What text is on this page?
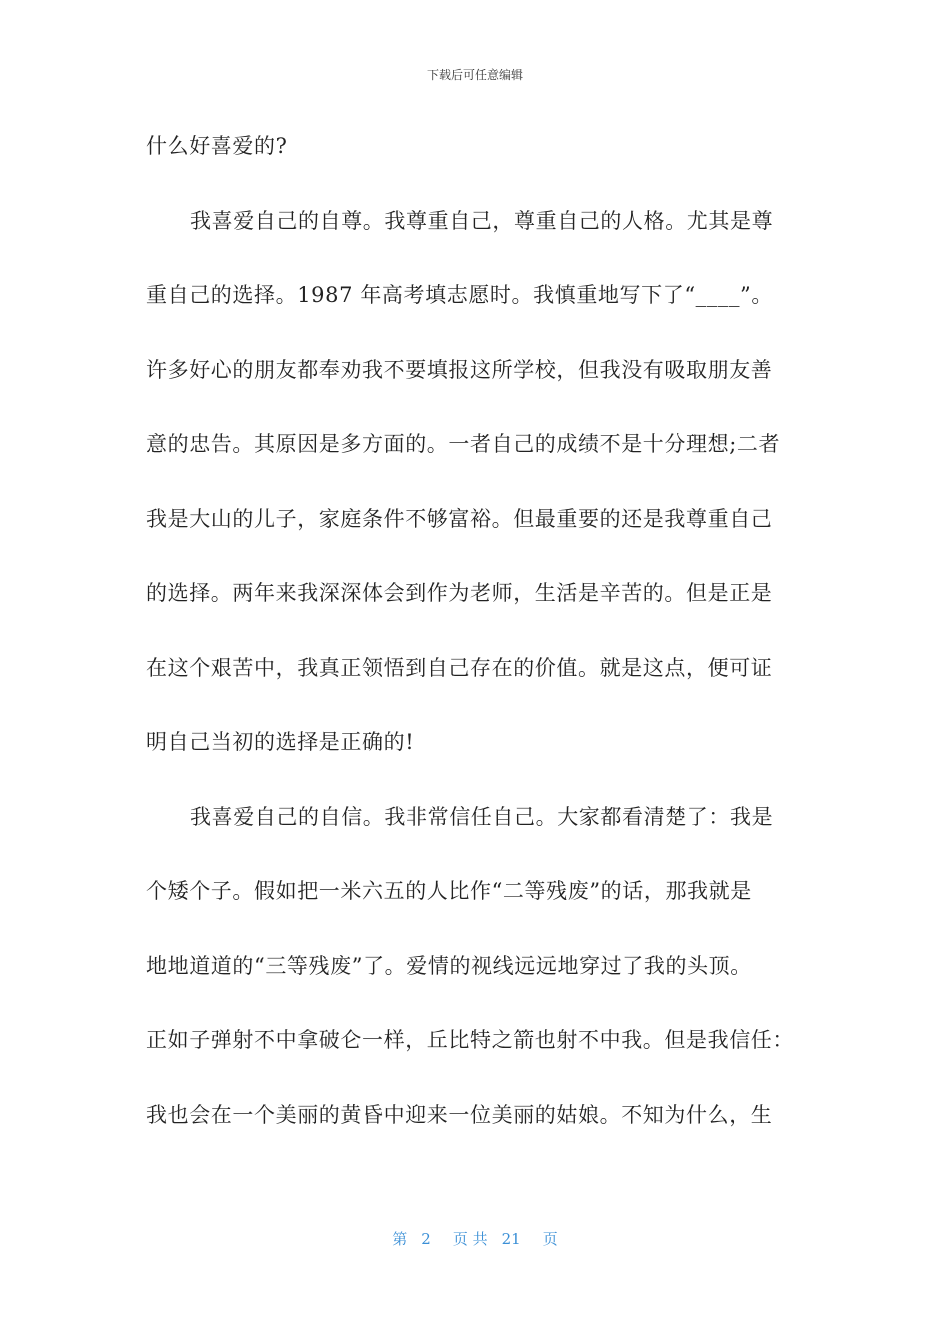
下载后可任意编辑
什么好喜爱的?
我喜爱自己的自尊。我尊重自己，尊重自己的人格。尤其是尊
重自己的选择。1987 年高考填志愿时。我慎重地写下了“____”。
许多好心的朋友都奉劝我不要填报这所学校，但我没有吸取朋友善
意的忠告。其原因是多方面的。一者自己的成绩不是十分理想;二者
我是大山的儿子，家庭条件不够富裕。但最重要的还是我尊重自己
的选择。两年来我深深体会到作为老师，生活是辛苦的。但是正是
在这个艰苦中，我真正领悟到自己存在的价值。就是这点，便可证
明自己当初的选择是正确的!
我喜爱自己的自信。我非常信任自己。大家都看清楚了：我是
个矮个子。假如把一米六五的人比作“二等残废”的话，那我就是
地地道道的“三等残废”了。爱情的视线远远地穿过了我的头顶。
正如子弹射不中拿破仑一样，丘比特之箭也射不中我。但是我信任：
我也会在一个美丽的黄昏中迎来一位美丽的姑娘。不知为什么，生
第 2 页 共 21 页
